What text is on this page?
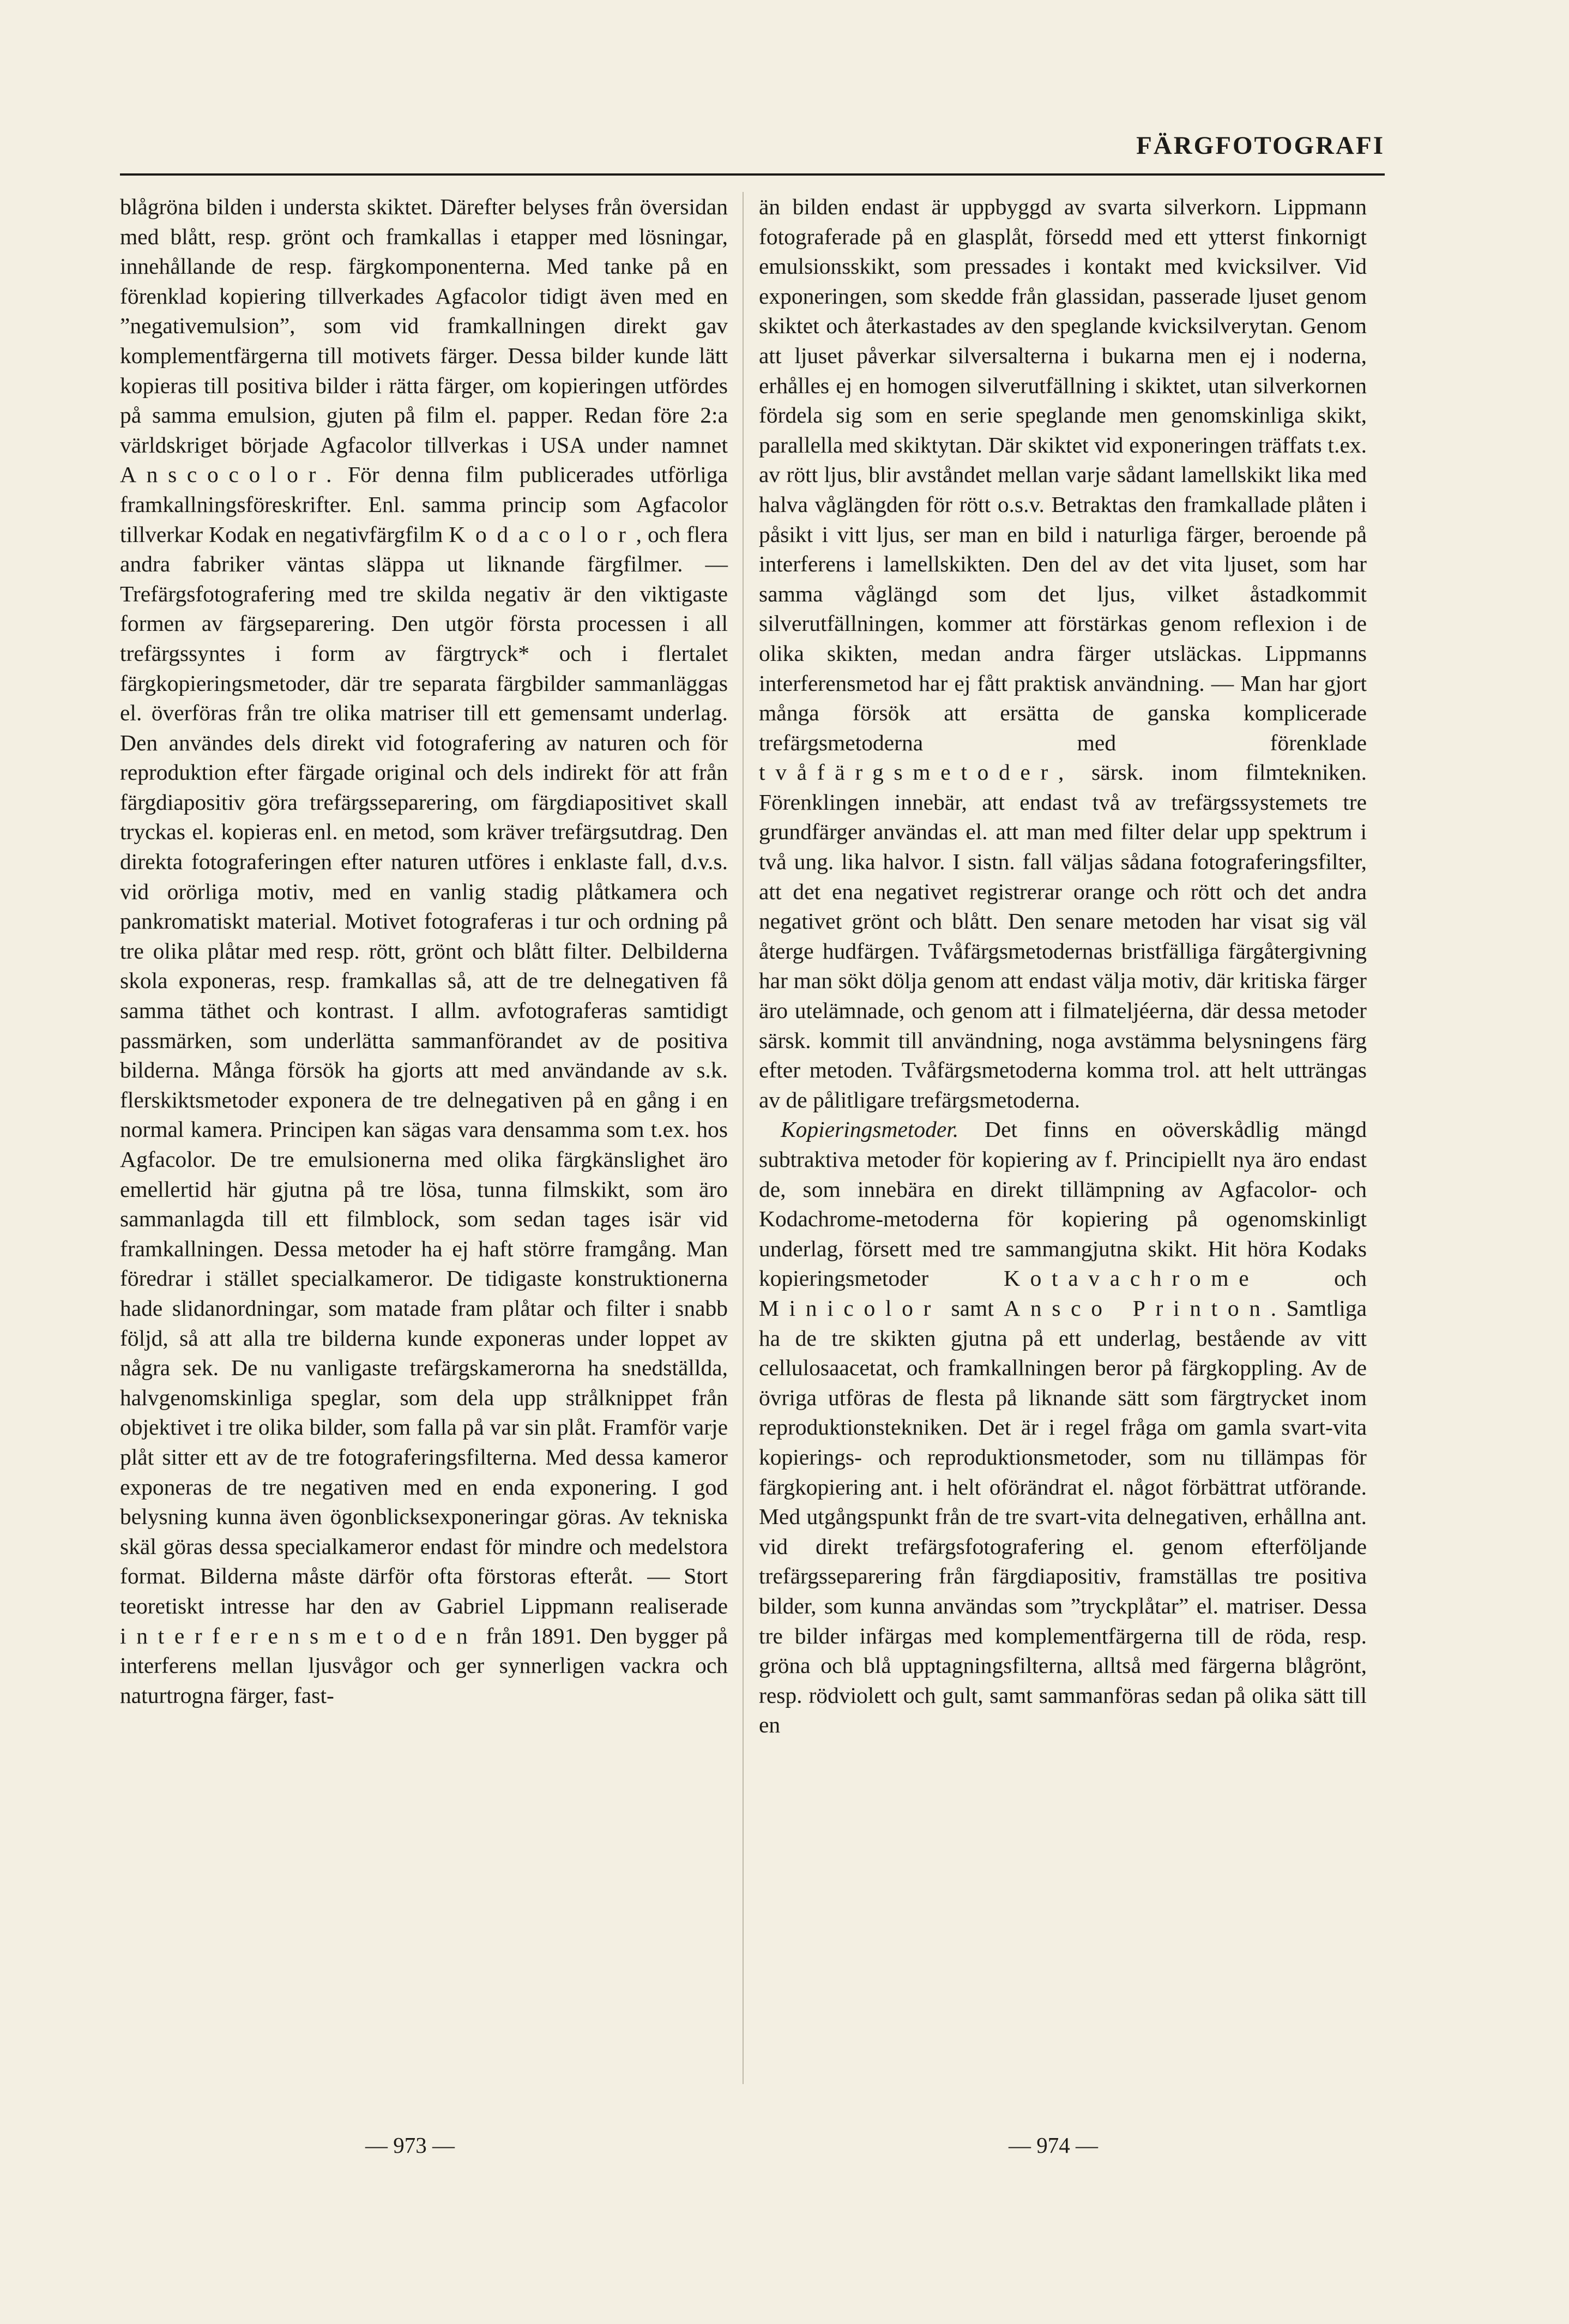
FÄRGFOTOGRAFI

blågröna bilden i understa skiktet. Därefter belyses från översidan med blått, resp. grönt och framkallas i etapper med lösningar, innehållande de resp. färgkomponenterna. Med tanke på en förenklad kopiering tillverkades Agfacolor tidigt även med en ”negativemulsion”, som vid framkallningen direkt gav komplementfärgerna till motivets färger. Dessa bilder kunde lätt kopieras till positiva bilder i rätta färger, om kopieringen utfördes på samma emulsion, gjuten på film el. papper. Redan före 2:a världskriget började Agfacolor tillverkas i USA under namnet Anscocolor. För denna film publicerades utförliga framkallningsföreskrifter. Enl. samma princip som Agfacolor tillverkar Kodak en negativfärgfilm Kodacolor, och flera andra fabriker väntas släppa ut liknande färgfilmer. — Trefärgsfotografering med tre skilda negativ är den viktigaste formen av färgseparering. Den utgör första processen i all trefärgssyntes i form av färgtryck* och i flertalet färgkopieringsmetoder, där tre separata färgbilder sammanläggas el. överföras från tre olika matriser till ett gemensamt underlag. Den användes dels direkt vid fotografering av naturen och för reproduktion efter färgade original och dels indirekt för att från färgdiapositiv göra trefärgsseparering, om färgdiapositivet skall tryckas el. kopieras enl. en metod, som kräver trefärgsutdrag. Den direkta fotograferingen efter naturen utföres i enklaste fall, d.v.s. vid orörliga motiv, med en vanlig stadig plåtkamera och pankromatiskt material. Motivet fotograferas i tur och ordning på tre olika plåtar med resp. rött, grönt och blått filter. Delbilderna skola exponeras, resp. framkallas så, att de tre delnegativen få samma täthet och kontrast. I allm. avfotograferas samtidigt passmärken, som underlätta sammanförandet av de positiva bilderna. Många försök ha gjorts att med användande av s.k. flerskiktsmetoder exponera de tre delnegativen på en gång i en normal kamera. Principen kan sägas vara densamma som t.ex. hos Agfacolor. De tre emulsionerna med olika färgkänslighet äro emellertid här gjutna på tre lösa, tunna filmskikt, som äro sammanlagda till ett filmblock, som sedan tages isär vid framkallningen. Dessa metoder ha ej haft större framgång. Man föredrar i stället specialkameror. De tidigaste konstruktionerna hade slidanordningar, som matade fram plåtar och filter i snabb följd, så att alla tre bilderna kunde exponeras under loppet av några sek. De nu vanligaste trefärgskamerorna ha snedställda, halvgenomskinliga speglar, som dela upp strålknippet från objektivet i tre olika bilder, som falla på var sin plåt. Framför varje plåt sitter ett av de tre fotograferingsfilterna. Med dessa kameror exponeras de tre negativen med en enda exponering. I god belysning kunna även ögonblicksexponeringar göras. Av tekniska skäl göras dessa specialkameror endast för mindre och medelstora format. Bilderna måste därför ofta förstoras efteråt. — Stort teoretiskt intresse har den av Gabriel Lippmann realiserade interferensmetoden från 1891. Den bygger på interferens mellan ljusvågor och ger synnerligen vackra och naturtrogna färger, fast-

än bilden endast är uppbyggd av svarta silverkorn. Lippmann fotograferade på en glasplåt, försedd med ett ytterst finkornigt emulsionsskikt, som pressades i kontakt med kvicksilver. Vid exponeringen, som skedde från glassidan, passerade ljuset genom skiktet och återkastades av den speglande kvicksilverytan. Genom att ljuset påverkar silversalterna i bukarna men ej i noderna, erhålles ej en homogen silverutfällning i skiktet, utan silverkornen fördela sig som en serie speglande men genomskinliga skikt, parallella med skiktytan. Där skiktet vid exponeringen träffats t.ex. av rött ljus, blir avståndet mellan varje sådant lamellskikt lika med halva våglängden för rött o.s.v. Betraktas den framkallade plåten i påsikt i vitt ljus, ser man en bild i naturliga färger, beroende på interferens i lamellskikten. Den del av det vita ljuset, som har samma våglängd som det ljus, vilket åstadkommit silverutfällningen, kommer att förstärkas genom reflexion i de olika skikten, medan andra färger utsläckas. Lippmanns interferensmetod har ej fått praktisk användning. — Man har gjort många försök att ersätta de ganska komplicerade trefärgsmetoderna med förenklade tvåfärgsmetoder, särsk. inom filmtekniken. Förenklingen innebär, att endast två av trefärgssystemets tre grundfärger användas el. att man med filter delar upp spektrum i två ung. lika halvor. I sistn. fall väljas sådana fotograferingsfilter, att det ena negativet registrerar orange och rött och det andra negativet grönt och blått. Den senare metoden har visat sig väl återge hudfärgen. Tvåfärgsmetodernas bristfälliga färgåtergivning har man sökt dölja genom att endast välja motiv, där kritiska färger äro utelämnade, och genom att i filmateljéerna, där dessa metoder särsk. kommit till användning, noga avstämma belysningens färg efter metoden. Tvåfärgsmetoderna komma trol. att helt utträngas av de pålitligare trefärgsmetoderna.

Kopieringsmetoder. Det finns en oöverskådlig mängd subtraktiva metoder för kopiering av f. Principiellt nya äro endast de, som innebära en direkt tillämpning av Agfacolor- och Kodachrome-metoderna för kopiering på ogenomskinligt underlag, försett med tre sammangjutna skikt. Hit höra Kodaks kopieringsmetoder	Kotavachrome	och Minicolor samt Ansco Printon. Samtliga ha de tre skikten gjutna på ett underlag, bestående av vitt cellulosaacetat, och framkallningen beror på färgkoppling. Av de övriga utföras de flesta på liknande sätt som färgtrycket inom reproduktionstekniken. Det är i regel fråga om gamla svart-vita kopierings- och reproduktionsmetoder, som nu tillämpas för färgkopiering ant. i helt oförändrat el. något förbättrat utförande. Med utgångspunkt från de tre svart-vita delnegativen, erhållna ant. vid direkt trefärgsfotografering el. genom efterföljande trefärgsseparering från färgdiapositiv, framställas tre positiva bilder, som kunna användas som ”tryckplåtar” el. matriser. Dessa tre bilder infärgas med komplementfärgerna till de röda, resp. gröna och blå upptagningsfilterna, alltså med färgerna blågrönt, resp. rödviolett och gult, samt sammanföras sedan på olika sätt till en

— 973 —	— 974 —
